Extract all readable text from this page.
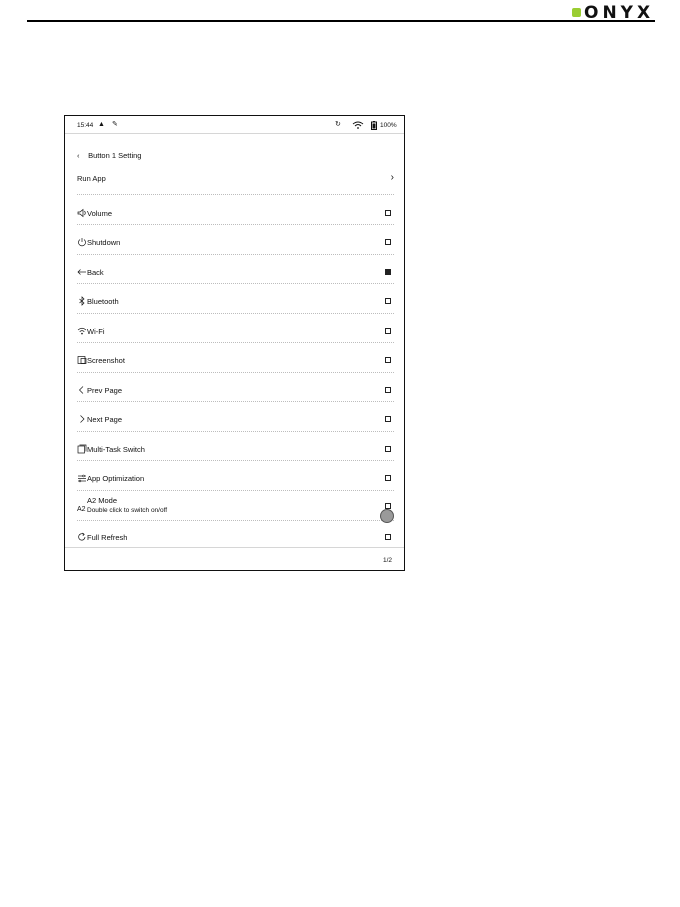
ONYX
15:44 ▲ ✎	↻	100%
‹ Button 1 Setting
Run App	›
Volume
Shutdown
Back
Bluetooth
Wi-Fi
Screenshot
Prev Page
Next Page
Multi-Task Switch
App Optimization
A2
A2 Mode
Double click to switch on/off
Full Refresh
1/2
